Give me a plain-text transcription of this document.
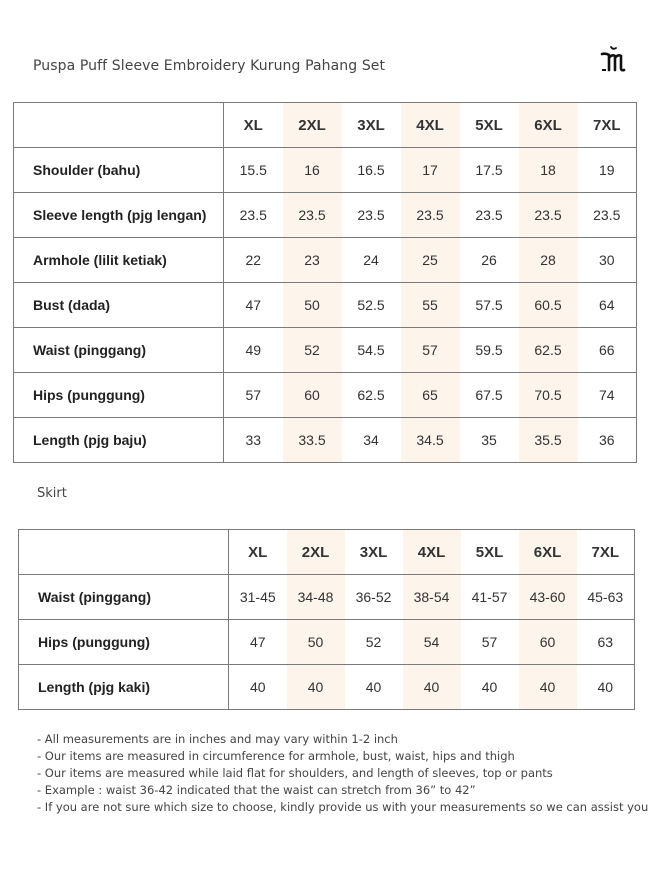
Puspa Puff Sleeve Embroidery Kurung Pahang Set
	XL	2XL	3XL	4XL	5XL	6XL	7XL
Shoulder (bahu)	15.5	16	16.5	17	17.5	18	19
Sleeve length (pjg lengan)	23.5	23.5	23.5	23.5	23.5	23.5	23.5
Armhole (lilit ketiak)	22	23	24	25	26	28	30
Bust (dada)	47	50	52.5	55	57.5	60.5	64
Waist (pinggang)	49	52	54.5	57	59.5	62.5	66
Hips (punggung)	57	60	62.5	65	67.5	70.5	74
Length (pjg baju)	33	33.5	34	34.5	35	35.5	36
Skirt
	XL	2XL	3XL	4XL	5XL	6XL	7XL
Waist (pinggang)	31-45	34-48	36-52	38-54	41-57	43-60	45-63
Hips (punggung)	47	50	52	54	57	60	63
Length (pjg kaki)	40	40	40	40	40	40	40
- All measurements are in inches and may vary within 1-2 inch
- Our items are measured in circumference for armhole, bust, waist, hips and thigh
- Our items are measured while laid flat for shoulders, and length of sleeves, top or pants
- Example : waist 36-42 indicated that the waist can stretch from 36” to 42”
- If you are not sure which size to choose, kindly provide us with your measurements so we can assist you
